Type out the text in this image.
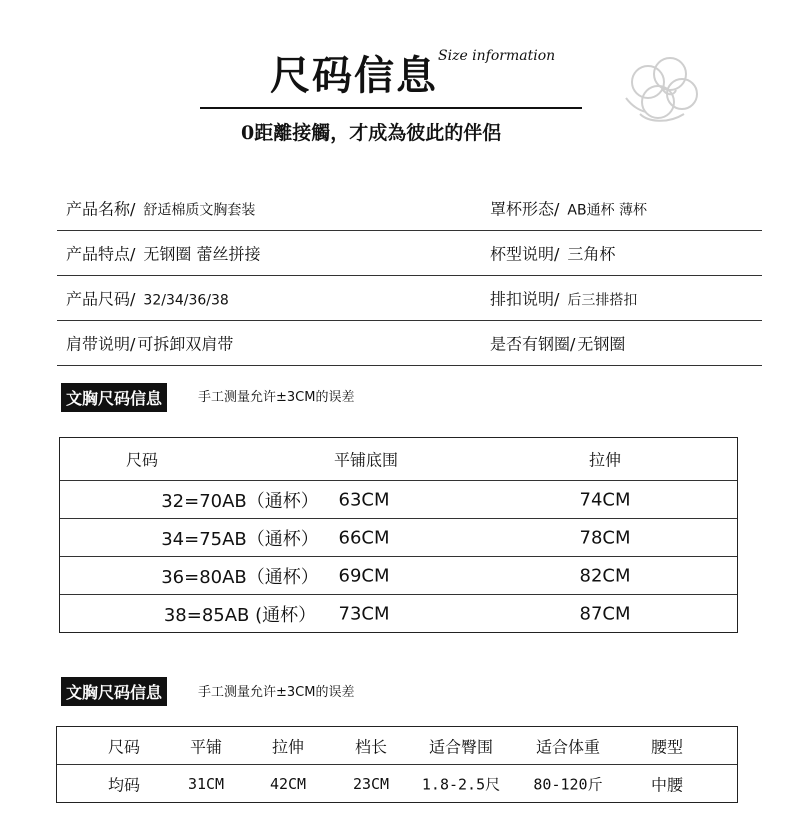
尺码信息 Size information
0距離接觸，才成為彼此的伴侶
产品名称/ 舒适棉质文胸套装	罩杯形态/ AB通杯 薄杯
产品特点/ 无钢圈 蕾丝拼接	杯型说明/ 三角杯
产品尺码/ 32/34/36/38	排扣说明/ 后三排搭扣
肩带说明/ 可拆卸双肩带	是否有钢圈/ 无钢圈
文胸尺码信息	手工测量允许±3CM的误差
尺码	平铺底围	拉伸
32=70AB（通杯） 63CM	74CM
34=75AB（通杯） 66CM	78CM
36=80AB（通杯） 69CM	82CM
38=85AB (通杯） 73CM	87CM
文胸尺码信息	手工测量允许±3CM的误差
尺码	平铺	拉伸	档长	适合臀围	适合体重	腰型
均码	31CM	42CM	23CM 1.8-2.5尺 80-120斤	中腰
